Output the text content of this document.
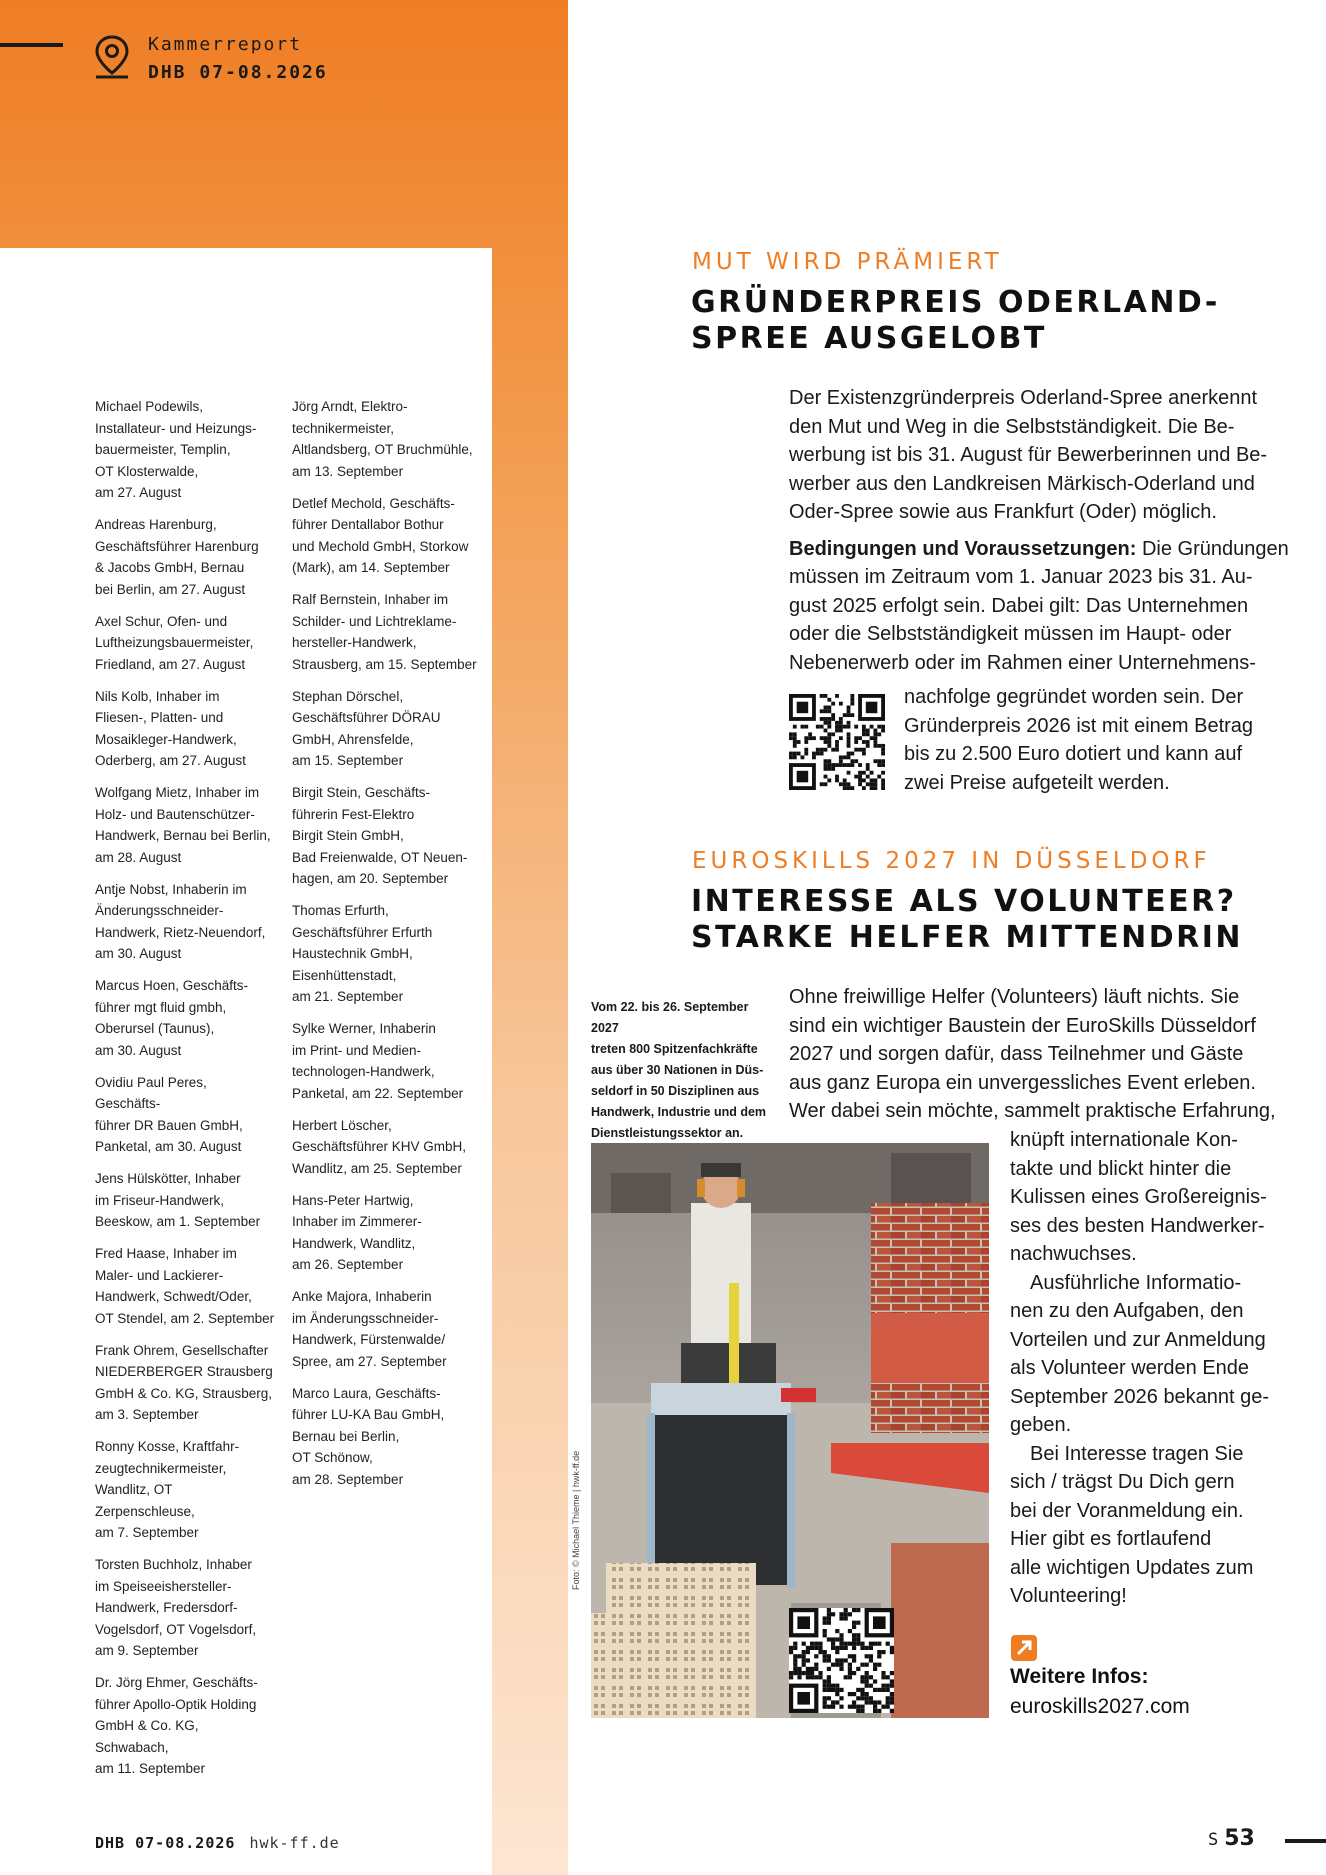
Kammerreport
DHB 07-08.2026
Michael Podewils,
Installateur- und Heizungs-
bauermeister, Templin,
OT Klosterwalde,
am 27. August
Andreas Harenburg,
Geschäftsführer Harenburg
& Jacobs GmbH, Bernau
bei Berlin, am 27. August
Axel Schur, Ofen- und
Luftheizungsbauermeister,
Friedland, am 27. August
Nils Kolb, Inhaber im
Fliesen-, Platten- und
Mosaikleger-Handwerk,
Oderberg, am 27. August
Wolfgang Mietz, Inhaber im
Holz- und Bautenschützer-
Handwerk, Bernau bei Berlin,
am 28. August
Antje Nobst, Inhaberin im
Änderungsschneider-
Handwerk, Rietz-Neuendorf,
am 30. August
Marcus Hoen, Geschäfts-
führer mgt fluid gmbh,
Oberursel (Taunus),
am 30. August
Ovidiu Paul Peres, Geschäfts-
führer DR Bauen GmbH,
Panketal, am 30. August
Jens Hülskötter, Inhaber
im Friseur-Handwerk,
Beeskow, am 1. September
Fred Haase, Inhaber im
Maler- und Lackierer-
Handwerk, Schwedt/Oder,
OT Stendel, am 2. September
Frank Ohrem, Gesellschafter
NIEDERBERGER Strausberg
GmbH & Co. KG, Strausberg,
am 3. September
Ronny Kosse, Kraftfahr-
zeugtechnikermeister,
Wandlitz, OT Zerpenschleuse,
am 7. September
Torsten Buchholz, Inhaber
im Speiseeishersteller-
Handwerk, Fredersdorf-
Vogelsdorf, OT Vogelsdorf,
am 9. September
Dr. Jörg Ehmer, Geschäfts-
führer Apollo-Optik Holding
GmbH & Co. KG, Schwabach,
am 11. September
Jörg Arndt, Elektro-
technikermeister,
Altlandsberg, OT Bruchmühle,
am 13. September
Detlef Mechold, Geschäfts-
führer Dentallabor Bothur
und Mechold GmbH, Storkow
(Mark), am 14. September
Ralf Bernstein, Inhaber im
Schilder- und Lichtreklame-
hersteller-Handwerk,
Strausberg, am 15. September
Stephan Dörschel,
Geschäftsführer DÖRAU
GmbH, Ahrensfelde,
am 15. September
Birgit Stein, Geschäfts-
führerin Fest-Elektro
Birgit Stein GmbH,
Bad Freienwalde, OT Neuen-
hagen, am 20. September
Thomas Erfurth,
Geschäftsführer Erfurth
Haustechnik GmbH,
Eisenhüttenstadt,
am 21. September
Sylke Werner, Inhaberin
im Print- und Medien-
technologen-Handwerk,
Panketal, am 22. September
Herbert Löscher,
Geschäftsführer KHV GmbH,
Wandlitz, am 25. September
Hans-Peter Hartwig,
Inhaber im Zimmerer-
Handwerk, Wandlitz,
am 26. September
Anke Majora, Inhaberin
im Änderungsschneider-
Handwerk, Fürstenwalde/
Spree, am 27. September
Marco Laura, Geschäfts-
führer LU-KA Bau GmbH,
Bernau bei Berlin,
OT Schönow,
am 28. September
MUT WIRD PRÄMIERT
GRÜNDERPREIS ODERLAND-
SPREE AUSGELOBT

Der Existenzgründerpreis Oderland-Spree anerkennt
den Mut und Weg in die Selbstständigkeit. Die Be-
werbung ist bis 31. August für Bewerberinnen und Be-
werber aus den Landkreisen Märkisch-Oderland und
Oder-Spree sowie aus Frankfurt (Oder) möglich.

Bedingungen und Voraussetzungen: Die Gründungen
müssen im Zeitraum vom 1. Januar 2023 bis 31. Au-
gust 2025 erfolgt sein. Dabei gilt: Das Unternehmen
oder die Selbstständigkeit müssen im Haupt- oder
Nebenerwerb oder im Rahmen einer Unternehmens-

nachfolge gegründet worden sein. Der
Gründerpreis 2026 ist mit einem Betrag
bis zu 2.500 Euro dotiert und kann auf
zwei Preise aufgeteilt werden.

EUROSKILLS 2027 IN DÜSSELDORF
INTERESSE ALS VOLUNTEER?
STARKE HELFER MITTENDRIN
Vom 22. bis 26. September 2027
treten 800 Spitzenfachkräfte
aus über 30 Nationen in Düs-
seldorf in 50 Disziplinen aus
Handwerk, Industrie und dem
Dienstleistungssektor an.

Ohne freiwillige Helfer (Volunteers) läuft nichts. Sie
sind ein wichtiger Baustein der EuroSkills Düsseldorf
2027 und sorgen dafür, dass Teilnehmer und Gäste
aus ganz Europa ein unvergessliches Event erleben.
Wer dabei sein möchte, sammelt praktische Erfahrung,

knüpft internationale Kon-
takte und blickt hinter die
Kulissen eines Großereignis-
ses des besten Handwerker-
nachwuchses.

Ausführliche Informatio-
nen zu den Aufgaben, den
Vorteilen und zur Anmeldung
als Volunteer werden Ende
September 2026 bekannt ge-
geben.

Bei Interesse tragen Sie
sich / trägst Du Dich gern
bei der Voranmeldung ein.
Hier gibt es fortlaufend
alle wichtigen Updates zum
Volunteering!

Foto: © Michael Thieme | hwk-ff.de
Weitere Infos:
euroskills2027.com
DHB 07-08.2026 hwk-ff.de	S 53
